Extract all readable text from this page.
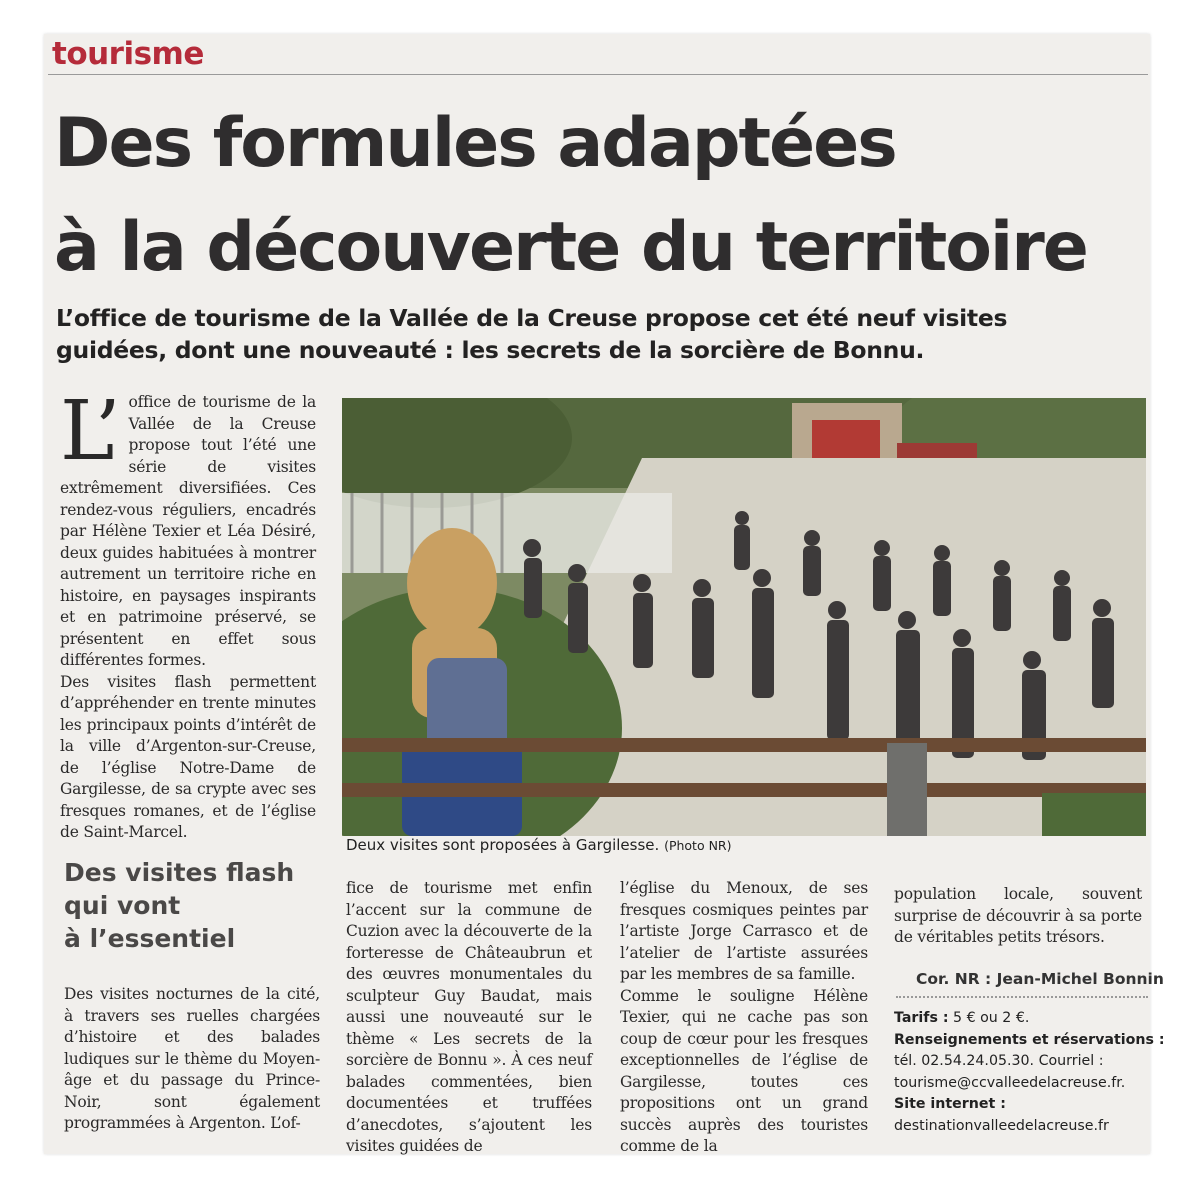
tourisme
Des formules adaptées
à la découverte du territoire
L’office de tourisme de la Vallée de la Creuse propose cet été neuf visites
guidées, dont une nouveauté : les secrets de la sorcière de Bonnu.

L’ office de tourisme de la Vallée de la Creuse propose tout l’été une série de visites extrêmement diversifiées. Ces rendez-vous réguliers, encadrés par Hélène Texier et Léa Désiré, deux guides habituées à montrer autrement un territoire riche en histoire, en paysages inspirants et en patrimoine préservé, se présentent en effet sous différentes formes.

Des visites flash permettent d’appréhender en trente minutes les principaux points d’intérêt de la ville d’Argenton-sur-Creuse, de l’église Notre-Dame de Gargilesse, de sa crypte avec ses fresques romanes, et de l’église de Saint-Marcel.

Des visites flash
qui vont
à l’essentiel

Des visites nocturnes de la cité, à travers ses ruelles chargées d’histoire et des balades ludiques sur le thème du Moyen-âge et du passage du Prince-Noir, sont également programmées à Argenton. L’of-

Deux visites sont proposées à Gargilesse. (Photo NR)

fice de tourisme met enfin l’accent sur la commune de Cuzion avec la découverte de la forteresse de Châteaubrun et des œuvres monumentales du sculpteur Guy Baudat, mais aussi une nouveauté sur le thème « Les secrets de la sorcière de Bonnu ». À ces neuf balades commentées, bien documentées et truffées d’anecdotes, s’ajoutent les visites guidées de

l’église du Menoux, de ses fresques cosmiques peintes par l’artiste Jorge Carrasco et de l’atelier de l’artiste assurées par les membres de sa famille.

Comme le souligne Hélène Texier, qui ne cache pas son coup de cœur pour les fresques exceptionnelles de l’église de Gargilesse, toutes ces propositions ont un grand succès auprès des touristes comme de la

population locale, souvent surprise de découvrir à sa porte de véritables petits trésors.

Cor. NR : Jean-Michel Bonnin
Tarifs : 5 € ou 2 €.
Renseignements et réservations :
tél. 02.54.24.05.30. Courriel :
tourisme@ccvalleedelacreuse.fr.
Site internet :
destinationvalleedelacreuse.fr
